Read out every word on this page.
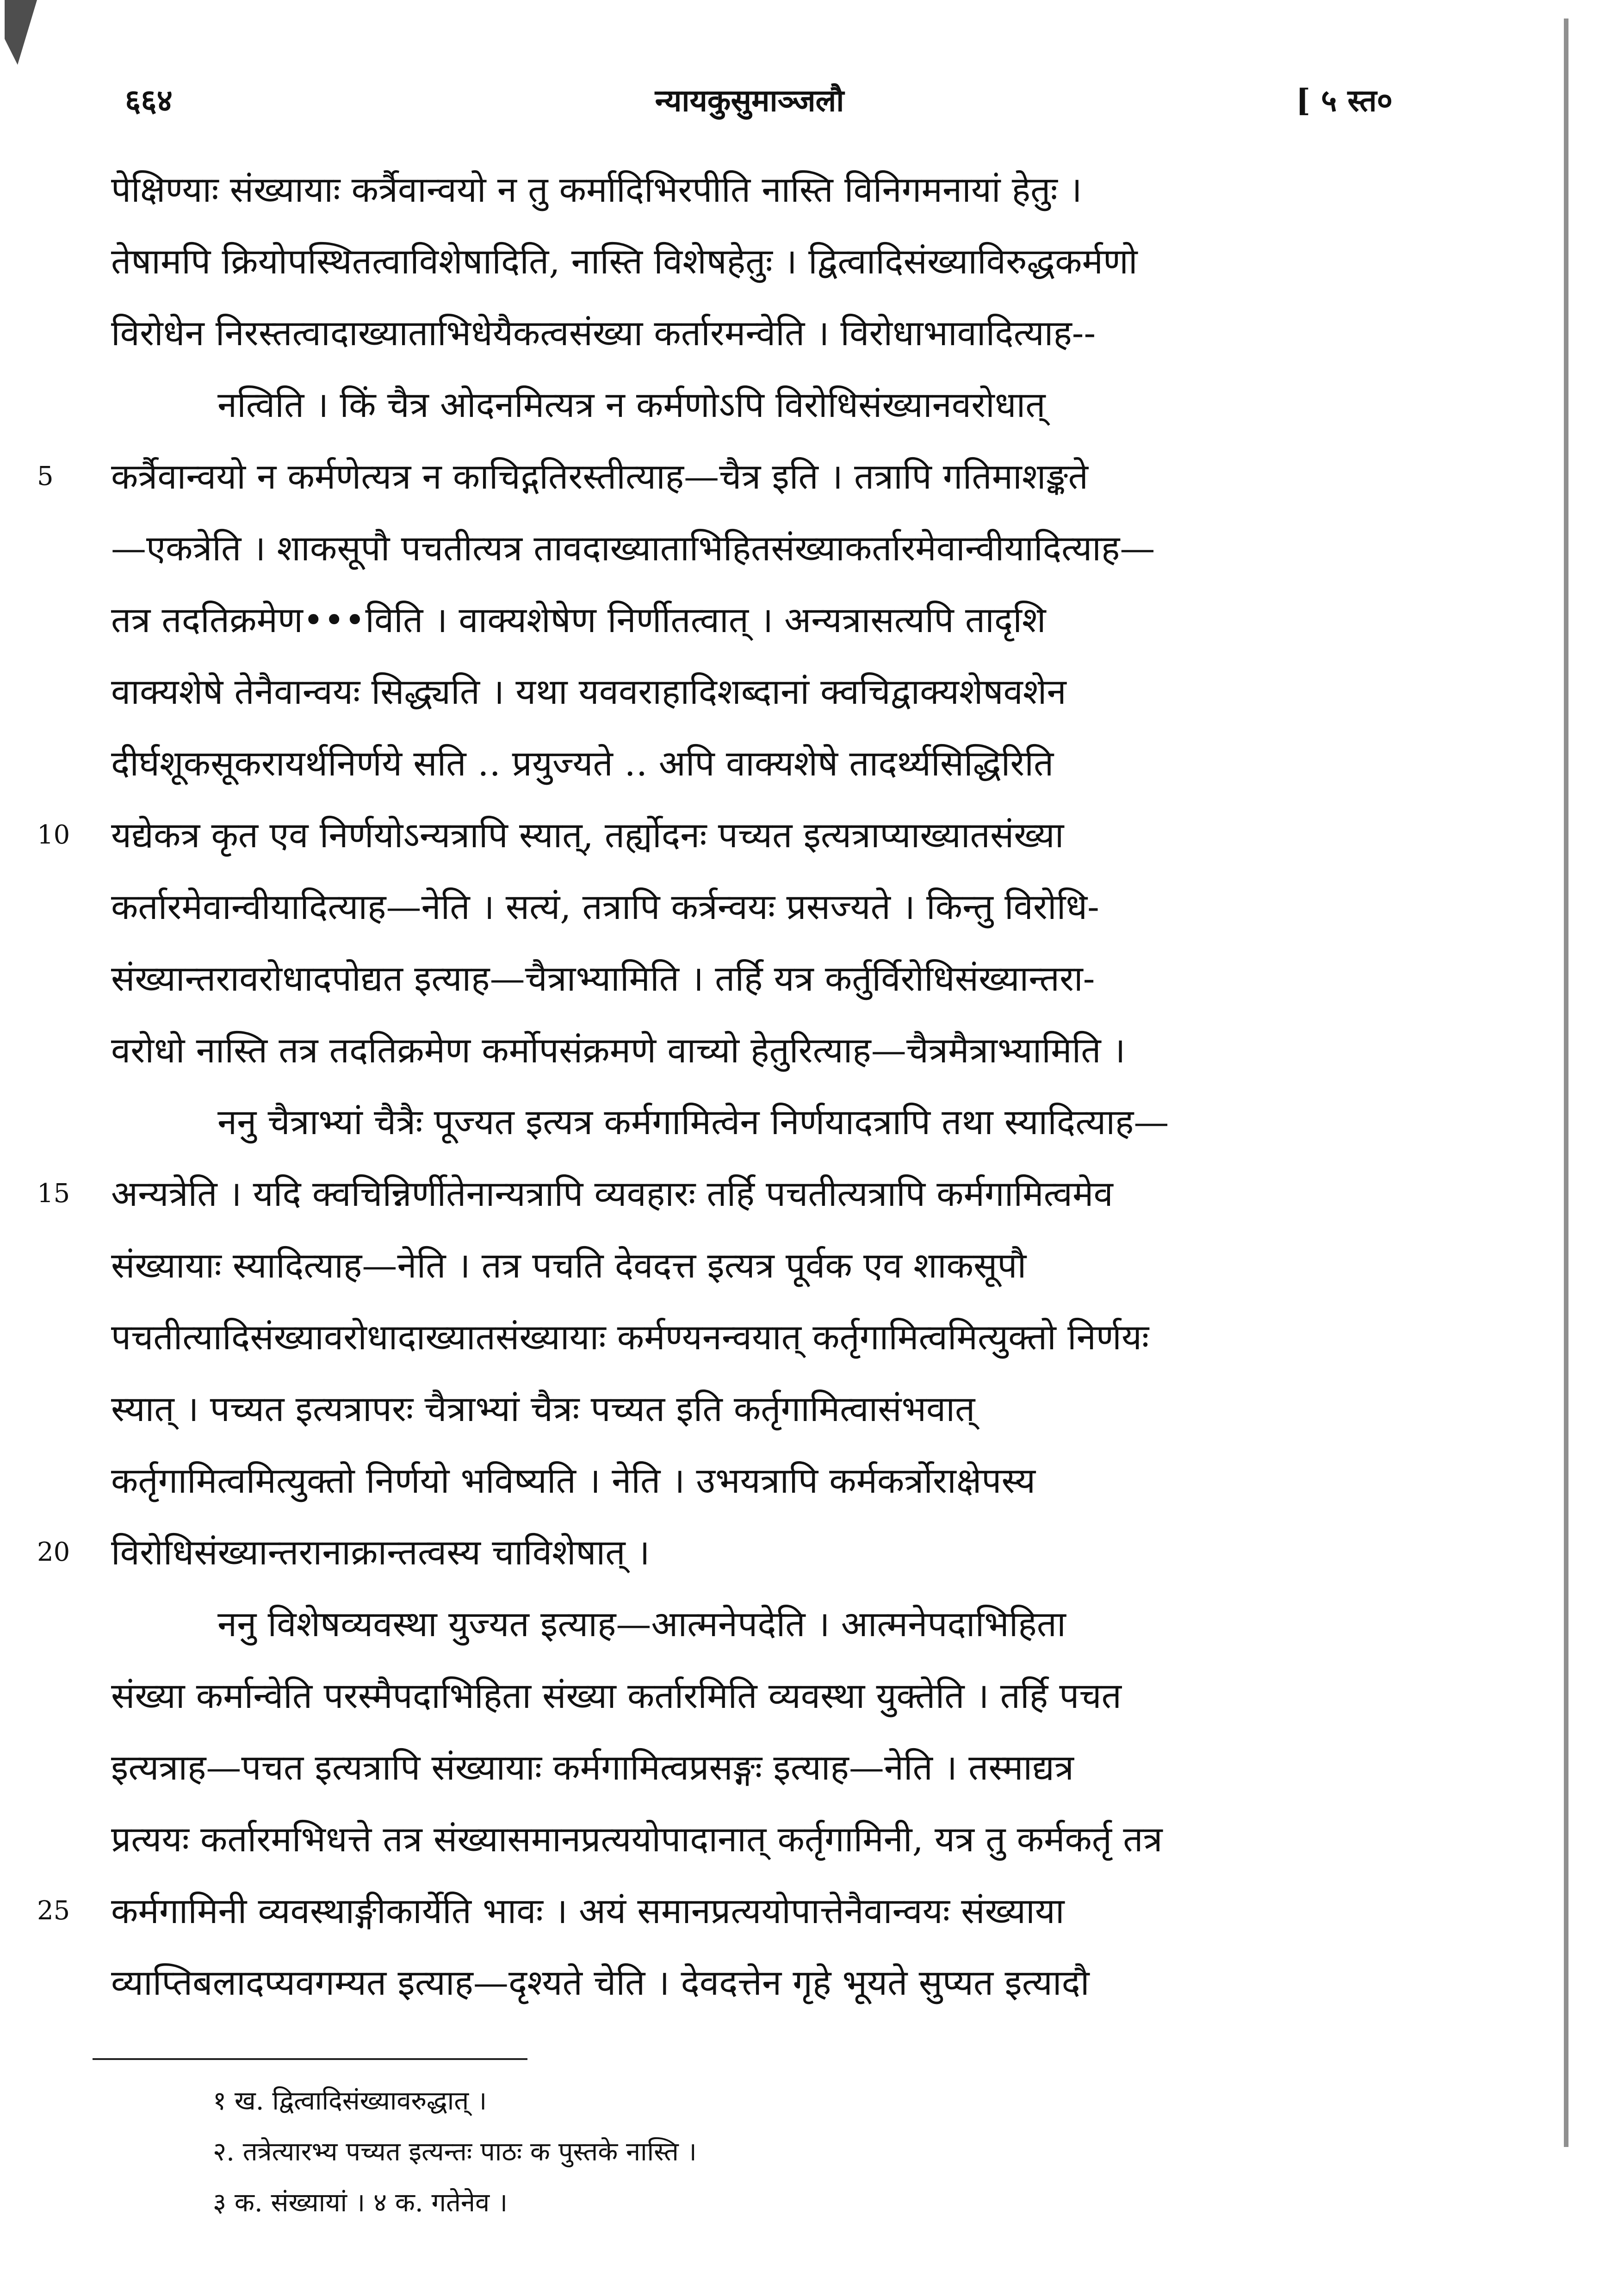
६६४	न्यायकुसुमाञ्जलौ	[ ५ स्त०
पेक्षिण्याः संख्यायाः कर्त्रैवान्वयो न तु कर्मादिभिरपीति नास्ति विनिगमनायां हेतुः ।
तेषामपि क्रियोपस्थितत्वाविशेषादिति, नास्ति विशेषहेतुः । द्वित्वादिसंख्याविरुद्धकर्मणो
विरोधेन निरस्तत्वादाख्याताभिधेयैकत्वसंख्या कर्तारमन्वेति । विरोधाभावादित्याह--
नत्विति । किं चैत्र ओदनमित्यत्र न कर्मणोऽपि विरोधिसंख्यानवरोधात्
5	कर्त्रैवान्वयो न कर्मणेत्यत्र न काचिद्गतिरस्तीत्याह—चैत्र इति । तत्रापि गतिमाशङ्कते
—एकत्रेति । शाकसूपौ पचतीत्यत्र तावदाख्याताभिहितसंख्याकर्तारमेवान्वीयादित्याह—
तत्र तदतिक्रमेण•••विति । वाक्यशेषेण निर्णीतत्वात् । अन्यत्रासत्यपि तादृशि
वाक्यशेषे तेनैवान्वयः सिद्ध्यति । यथा यववराहादिशब्दानां क्वचिद्वाक्यशेषवशेन
दीर्घशूकसूकरायर्थनिर्णये सति ‥ प्रयुज्यते ‥ अपि वाक्यशेषे तादर्थ्यसिद्धिरिति
10	यद्येकत्र कृत एव निर्णयोऽन्यत्रापि स्यात्, तर्ह्योदनः पच्यत इत्यत्राप्याख्यातसंख्या
कर्तारमेवान्वीयादित्याह—नेति । सत्यं, तत्रापि कर्त्रन्वयः प्रसज्यते । किन्तु विरोधि-
संख्यान्तरावरोधादपोद्यत इत्याह—चैत्राभ्यामिति । तर्हि यत्र कर्तुर्विरोधिसंख्यान्तरा-
वरोधो नास्ति तत्र तदतिक्रमेण कर्मोपसंक्रमणे वाच्यो हेतुरित्याह—चैत्रमैत्राभ्यामिति ।
ननु चैत्राभ्यां चैत्रैः पूज्यत इत्यत्र कर्मगामित्वेन निर्णयादत्रापि तथा स्यादित्याह—
15	अन्यत्रेति । यदि क्वचिन्निर्णीतेनान्यत्रापि व्यवहारः तर्हि पचतीत्यत्रापि कर्मगामित्वमेव
संख्यायाः स्यादित्याह—नेति । तत्र पचति देवदत्त इत्यत्र पूर्वक एव शाकसूपौ
पचतीत्यादिसंख्यावरोधादाख्यातसंख्यायाः कर्मण्यनन्वयात् कर्तृगामित्वमित्युक्तो निर्णयः
स्यात् । पच्यत इत्यत्रापरः चैत्राभ्यां चैत्रः पच्यत इति कर्तृगामित्वासंभवात्
कर्तृगामित्वमित्युक्तो निर्णयो भविष्यति । नेति । उभयत्रापि कर्मकर्त्रोराक्षेपस्य
20	विरोधिसंख्यान्तरानाक्रान्तत्वस्य चाविशेषात् ।
ननु विशेषव्यवस्था युज्यत इत्याह—आत्मनेपदेति । आत्मनेपदाभिहिता
संख्या कर्मान्वेति परस्मैपदाभिहिता संख्या कर्तारमिति व्यवस्था युक्तेति । तर्हि पचत
इत्यत्राह—पचत इत्यत्रापि संख्यायाः कर्मगामित्वप्रसङ्गः इत्याह—नेति । तस्माद्यत्र
प्रत्ययः कर्तारमभिधत्ते तत्र संख्यासमानप्रत्ययोपादानात् कर्तृगामिनी, यत्र तु कर्मकर्तृ तत्र
25	कर्मगामिनी व्यवस्थाङ्गीकार्येति भावः । अयं समानप्रत्ययोपात्तेनैवान्वयः संख्याया
व्याप्तिबलादप्यवगम्यत इत्याह—दृश्यते चेति । देवदत्तेन गृहे भूयते सुप्यत इत्यादौ
१ ख. द्वित्वादिसंख्यावरुद्धात् ।
२. तत्रेत्यारभ्य पच्यत इत्यन्तः पाठः क पुस्तके नास्ति ।
३ क. संख्यायां । ४ क. गतेनेव ।
